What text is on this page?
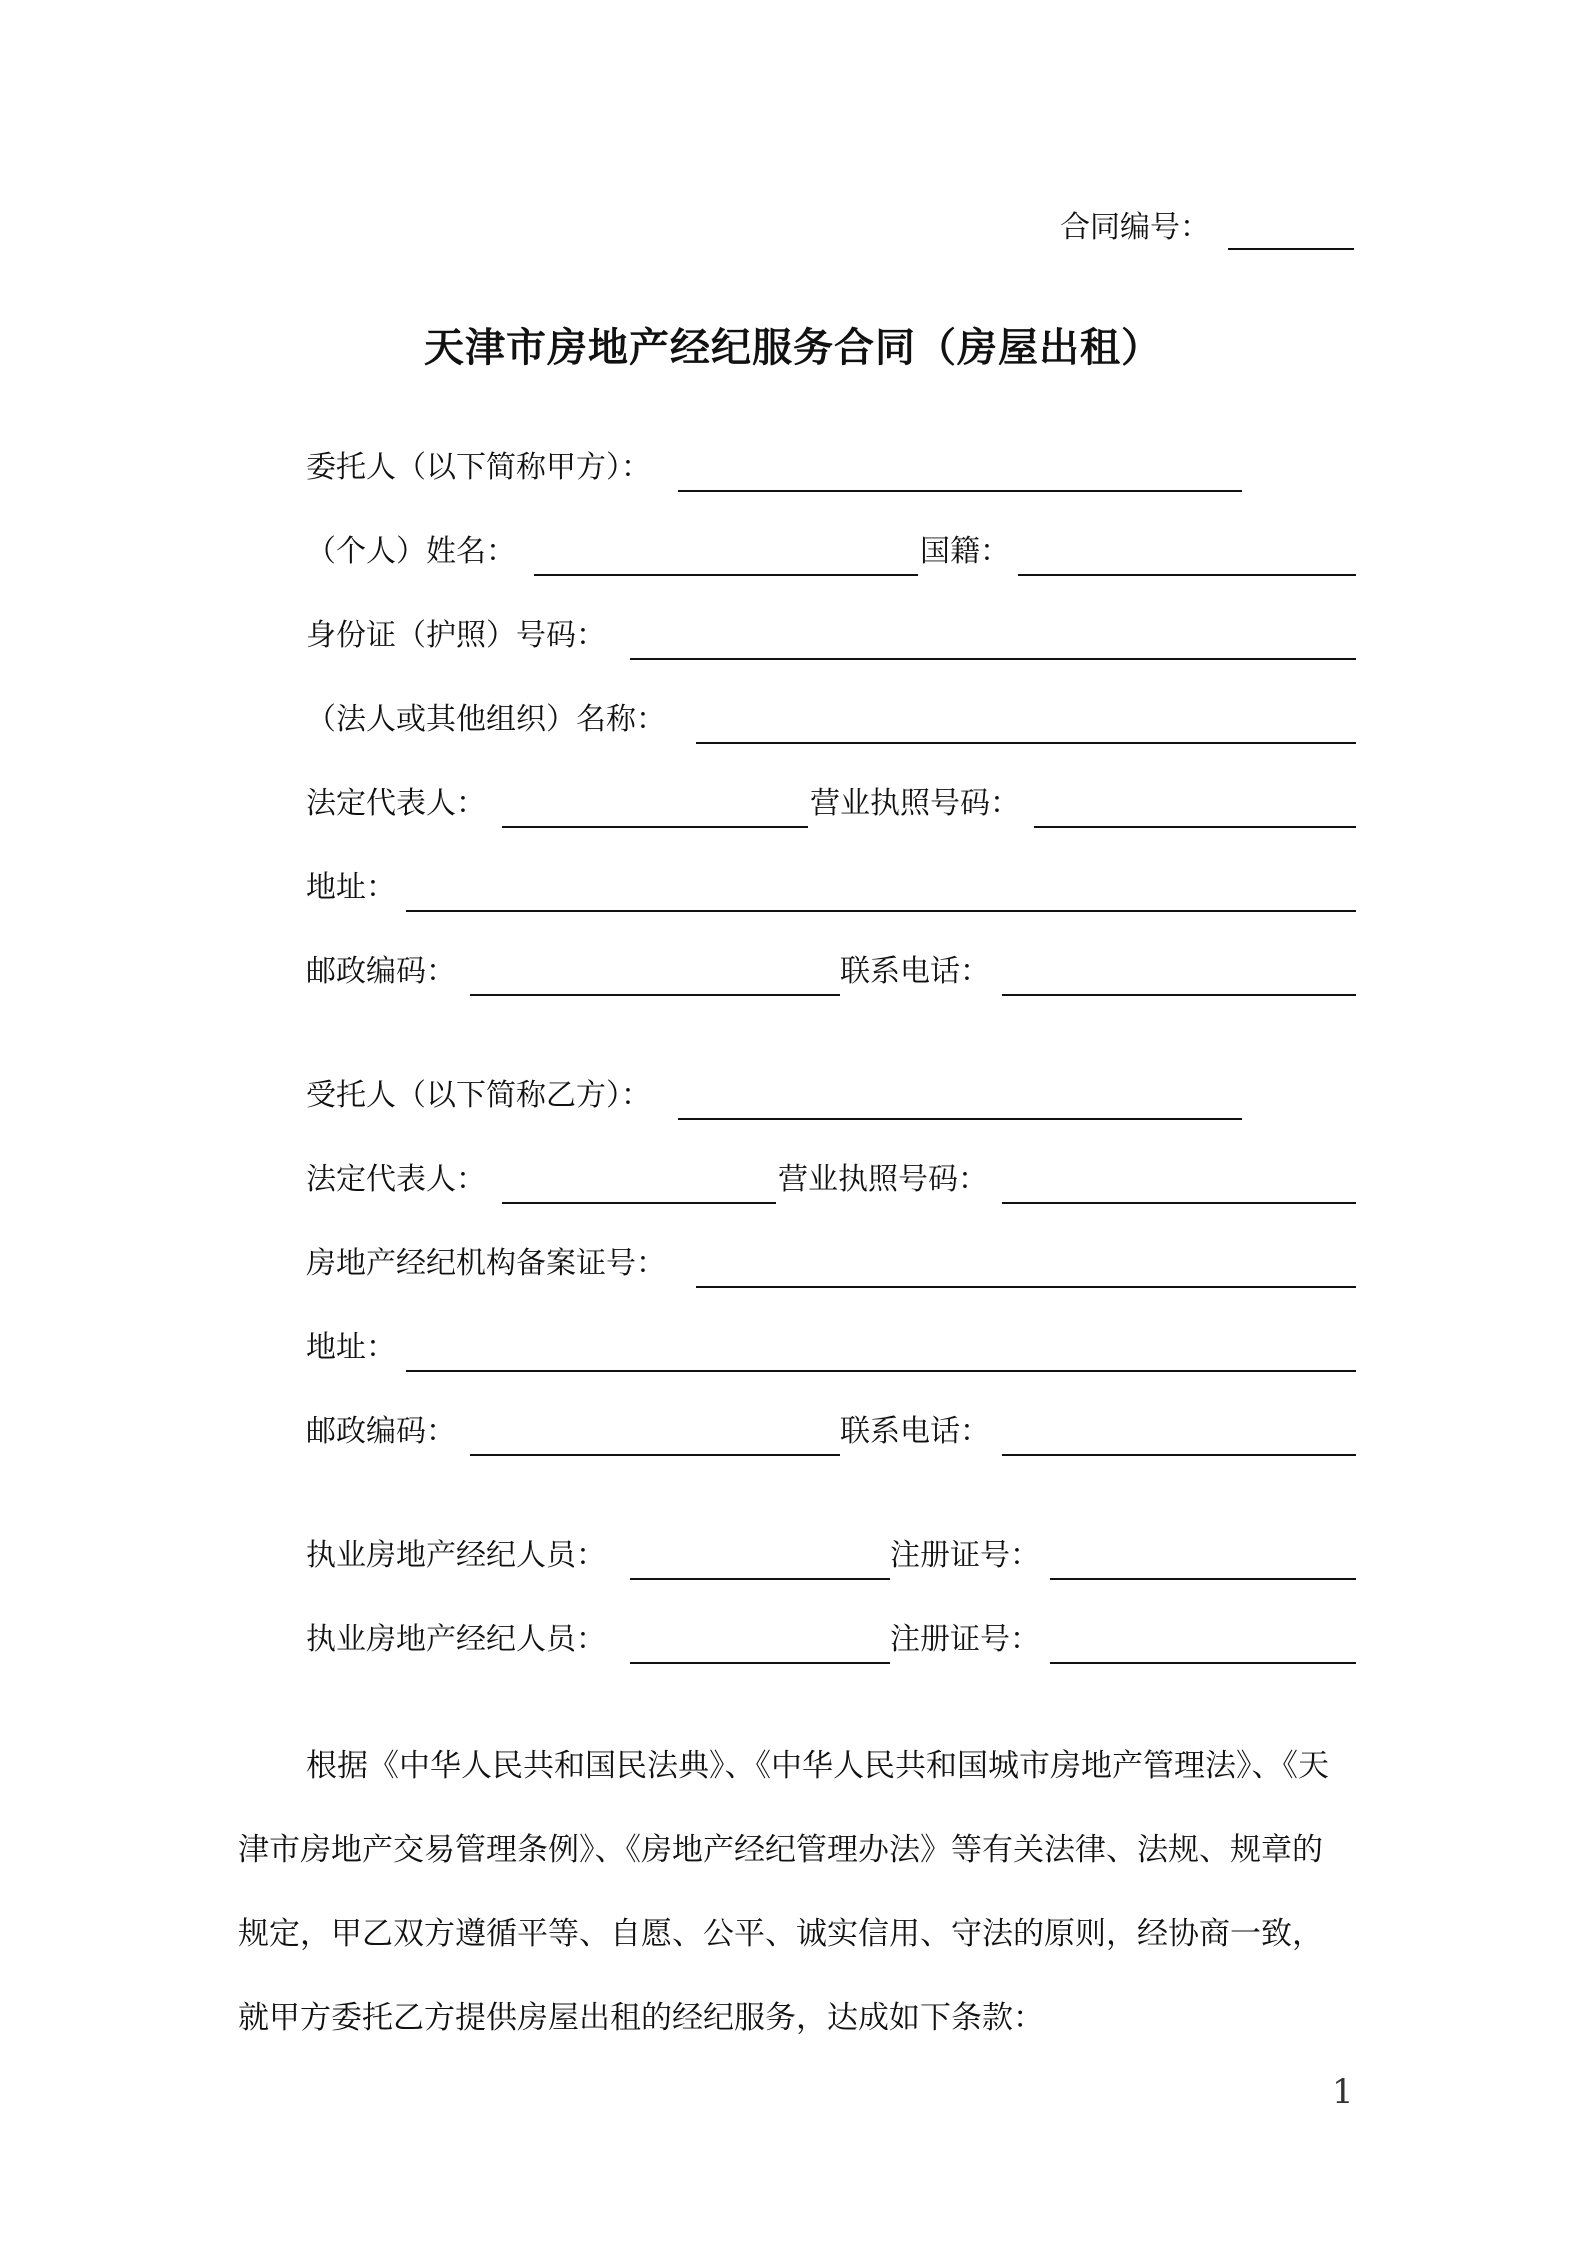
合同编号：
天津市房地产经纪服务合同（房屋出租）
委托人（以下简称甲方）：
（个人）姓名：	国籍：
身份证（护照）号码：
（法人或其他组织）名称：
法定代表人：	营业执照号码：
地址：
邮政编码：	联系电话：
受托人（以下简称乙方）：
法定代表人：	营业执照号码：
房地产经纪机构备案证号：
地址：
邮政编码：	联系电话：
执业房地产经纪人员：	注册证号：
执业房地产经纪人员：	注册证号：
根据《中华人民共和国民法典》、《中华人民共和国城市房地产管理法》、《天
津市房地产交易管理条例》、《房地产经纪管理办法》等有关法律、法规、规章的
规定，甲乙双方遵循平等、自愿、公平、诚实信用、守法的原则，经协商一致，
就甲方委托乙方提供房屋出租的经纪服务，达成如下条款：
1
